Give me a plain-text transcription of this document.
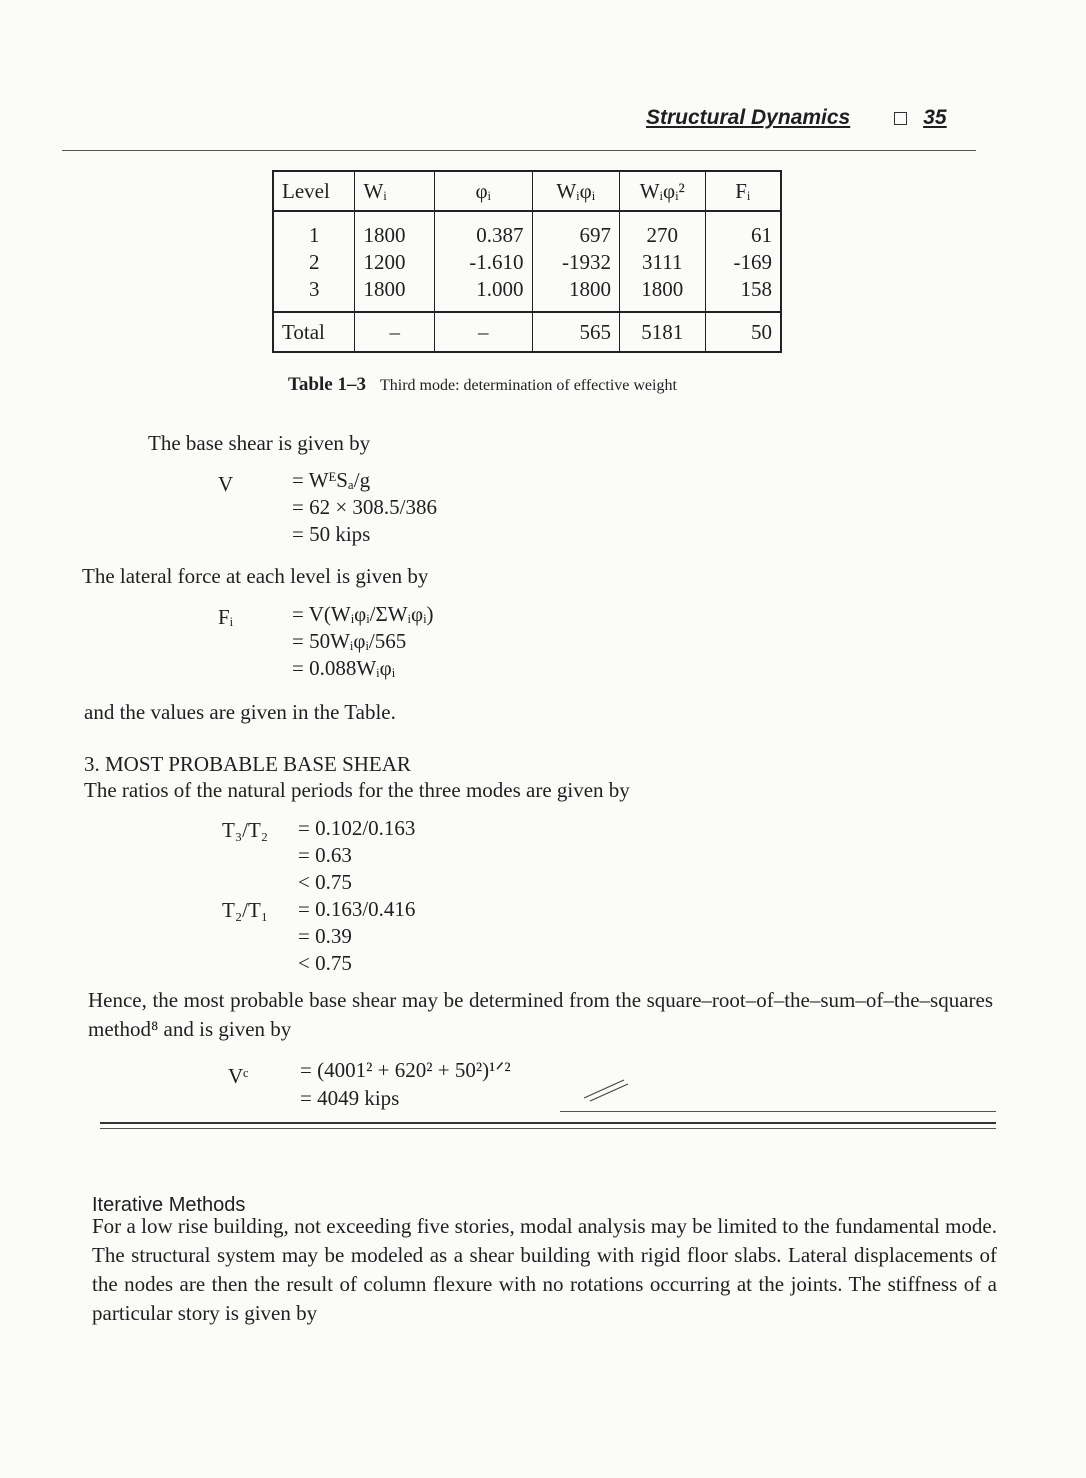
Structural Dynamics	35
Level	Wᵢ	φᵢ	Wᵢφᵢ	Wᵢφᵢ²	Fᵢ
1	1800	0.387	697	270	61
2	1200	-1.610	-1932	3111	-169
3	1800	1.000	1800	1800	158
Total	–	–	565	5181	50
Table 1–3 Third mode: determination of effective weight
The base shear is given by
V	= WᴱSₐ/g
= 62 × 308.5/386
= 50 kips
The lateral force at each level is given by
Fᵢ	= V(Wᵢφᵢ/ΣWᵢφᵢ)
= 50Wᵢφᵢ/565
= 0.088Wᵢφᵢ
and the values are given in the Table.
3. MOST PROBABLE BASE SHEAR
The ratios of the natural periods for the three modes are given by
T₃/T₂ = 0.102/0.163
= 0.63
< 0.75
T₂/T₁ = 0.163/0.416
= 0.39
< 0.75
Hence, the most probable base shear may be determined from the square–root–of–the–sum–of–the–squares method⁸ and is given by
Vᶜ = (4001² + 620² + 50²)¹ᐟ²
= 4049 kips
Iterative Methods
For a low rise building, not exceeding five stories, modal analysis may be limited to the fundamental mode. The structural system may be modeled as a shear building with rigid floor slabs. Lateral displacements of the nodes are then the result of column flexure with no rotations occurring at the joints. The stiffness of a particular story is given by
